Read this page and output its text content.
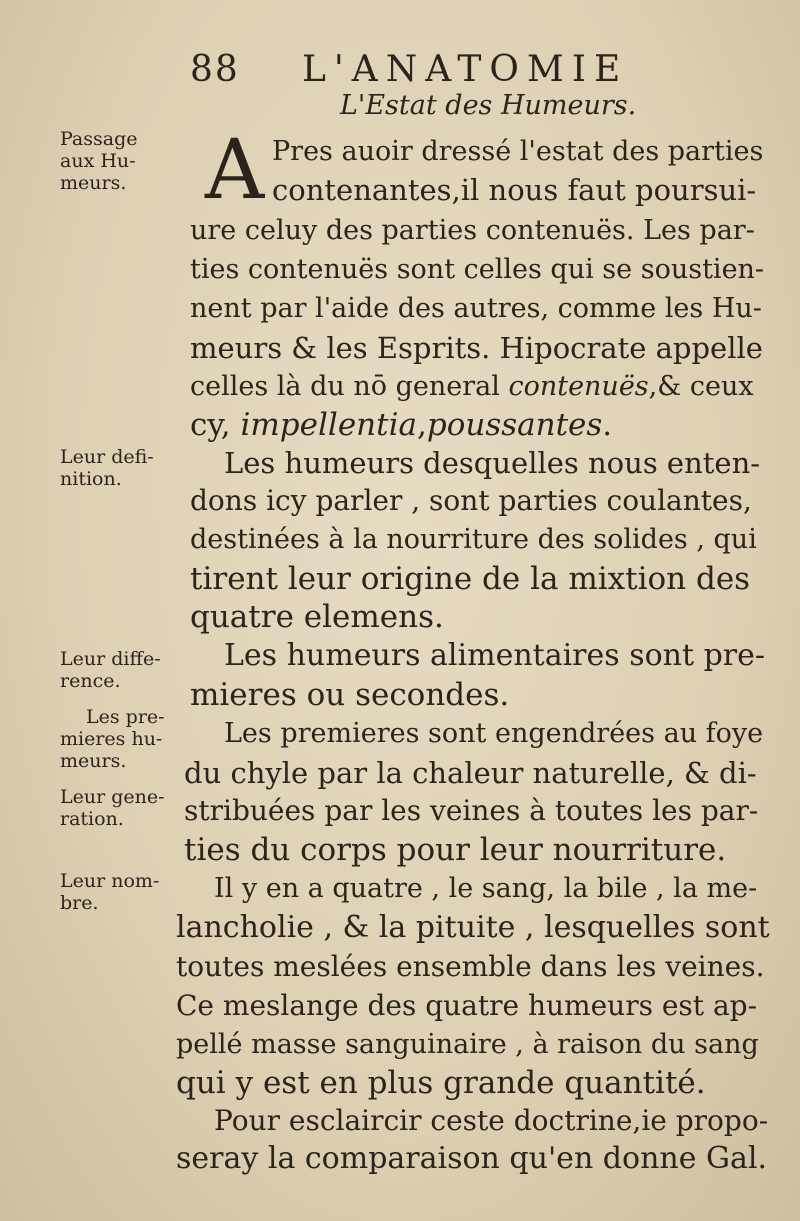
88 L'ANATOMIE
L'Estat des Humeurs.
Passage aux Hu-
meurs.
Leur defi-
nition.
Leur diffe-
rence.
Les pre-
mieres hu-
meurs.
Leur gene-
ration.
Leur nom-
bre.
A Pres auoir dressé l'estat des parties
contenantes,il nous faut poursui-
ure celuy des parties contenuës. Les par-
ties contenuës sont celles qui se soustien-
nent par l'aide des autres, comme les Hu-
meurs & les Esprits. Hipocrate appelle
celles là du nō general contenuës,& ceux
cy, impellentia,poussantes.
Les humeurs desquelles nous enten-
dons icy parler , sont parties coulantes,
destinées à la nourriture des solides , qui
tirent leur origine de la mixtion des
quatre elemens.
Les humeurs alimentaires sont pre-
mieres ou secondes.
Les premieres sont engendrées au foye
du chyle par la chaleur naturelle, & di-
stribuées par les veines à toutes les par-
ties du corps pour leur nourriture.
Il y en a quatre , le sang, la bile , la me-
lancholie , & la pituite , lesquelles sont
toutes meslées ensemble dans les veines.
Ce meslange des quatre humeurs est ap-
pellé masse sanguinaire , à raison du sang
qui y est en plus grande quantité.
Pour esclaircir ceste doctrine,ie propo-
seray la comparaison qu'en donne Gal.
